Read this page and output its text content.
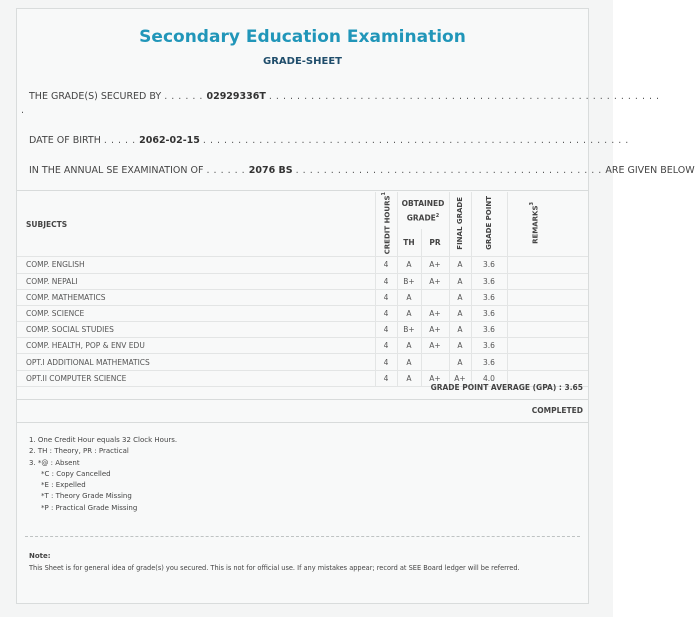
Secondary Education Examination
GRADE-SHEET
THE GRADE(S) SECURED BY . . . . . . 02929336T . . . . . . . . . . . . . . . . . . . . . . . . . . . . . . . . . . . . . . . . . . . . . . . . . . . . . . . .
.
DATE OF BIRTH . . . . . 2062-02-15 . . . . . . . . . . . . . . . . . . . . . . . . . . . . . . . . . . . . . . . . . . . . . . . . . . . . . . . . . . . . .
IN THE ANNUAL SE EXAMINATION OF . . . . . . 2076 BS . . . . . . . . . . . . . . . . . . . . . . . . . . . . . . . . . . . . . . . . . . . . ARE GIVEN BELOW
SUBJECTS	CREDIT HOURS$^1$	OBTAINED
GRADE$^2$		FINAL GRADE	GRADE POINT	REMARKS$^3$
		TH	PR			
COMP. ENGLISH	4	A	A+	A	3.6	
COMP. NEPALI	4	B+	A+	A	3.6	
COMP. MATHEMATICS	4	A		A	3.6	
COMP. SCIENCE	4	A	A+	A	3.6	
COMP. SOCIAL STUDIES	4	B+	A+	A	3.6	
COMP. HEALTH, POP & ENV EDU	4	A	A+	A	3.6	
OPT.I ADDITIONAL MATHEMATICS	4	A		A	3.6	
OPT.II COMPUTER SCIENCE	4	A	A+	A+	4.0	
GRADE POINT AVERAGE (GPA) : 3.65
COMPLETED
1. One Credit Hour equals 32 Clock Hours.
2. TH : Theory, PR : Practical
3. *@ : Absent
*C : Copy Cancelled
*E : Expelled
*T : Theory Grade Missing
*P : Practical Grade Missing
Note:
This Sheet is for general idea of grade(s) you secured. This is not for official use. If any mistakes appear; record at SEE Board ledger will be referred.
